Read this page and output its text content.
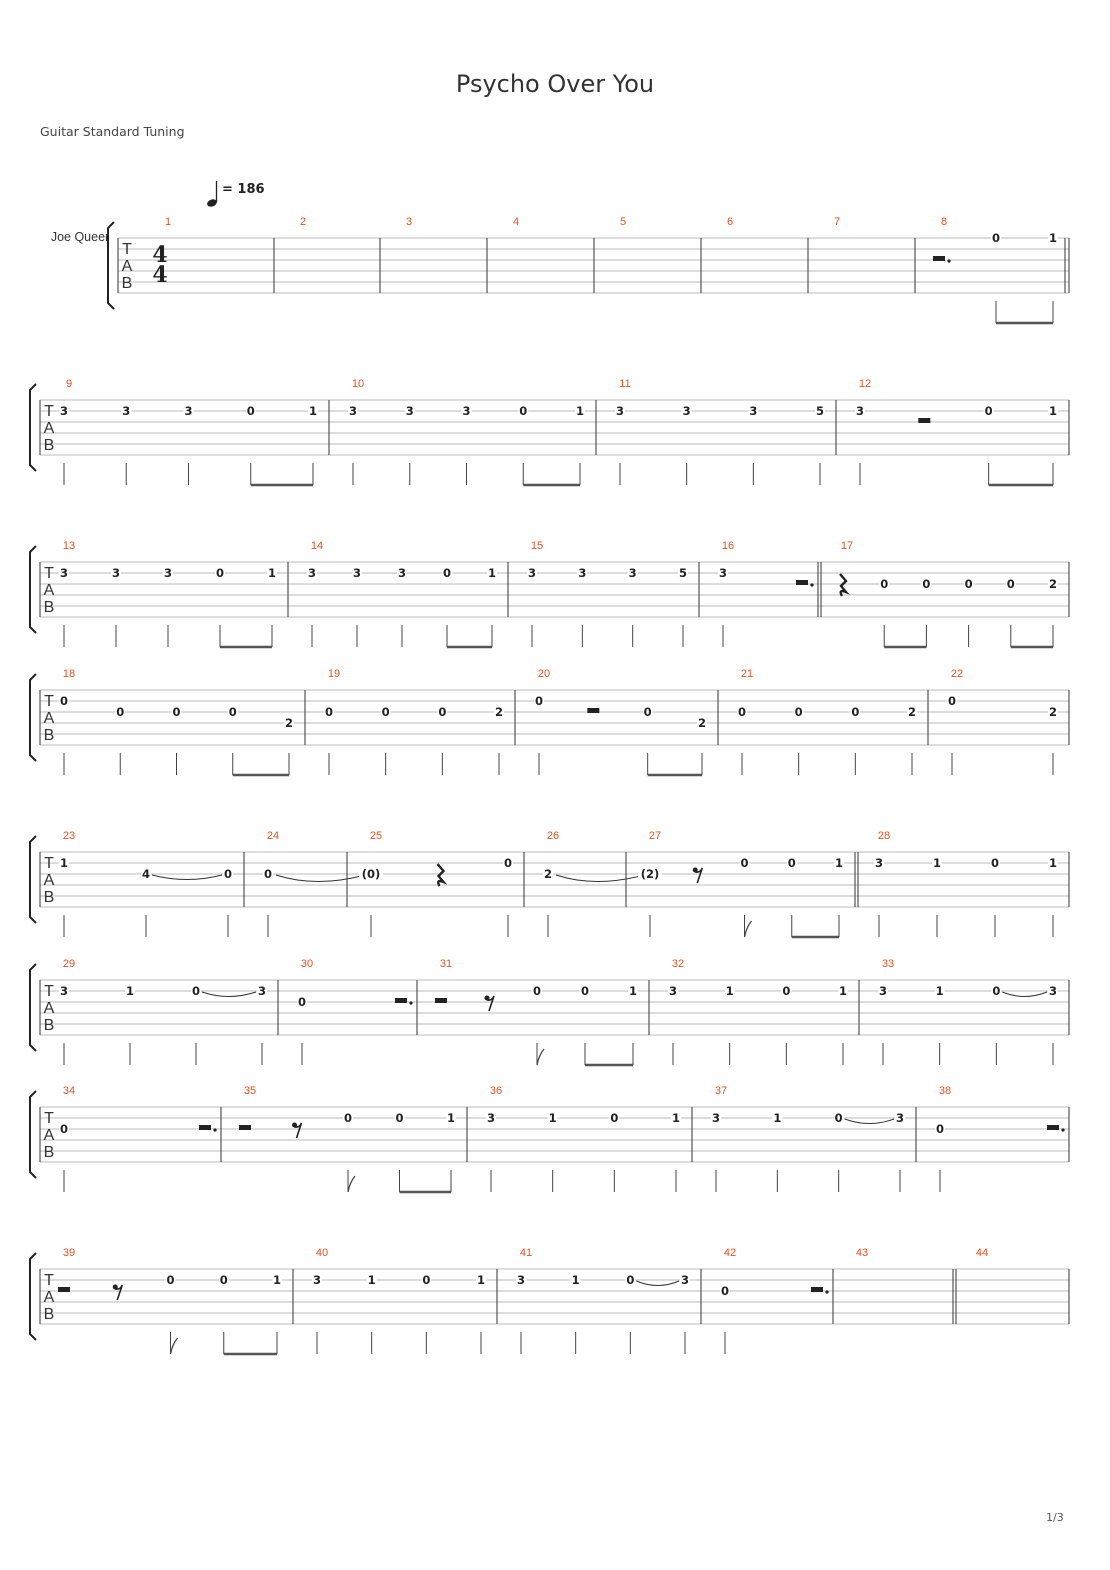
Psycho Over You
Guitar Standard Tuning
1/3
T
A
B
Joe Queer
4
4
= 186
1	2	3	4	5	6	7	8
0	1
T
A
B
9
3	3	3	0	1
10
3	3	3	0	1
11
3	3	3	5
12
3	0	1
T
A
B
13
3	3	3	0	1
14
3	3	3	0	1
15
3	3	3	5
16
3
17
0	0	0	0	2
T
A
B
18
0
0	0	0
2
19
0	0	0	2
20
0
0
2
21
0	0	0	2
22
0
2
T
A
B
23
1
4	0
24
0
25
(0)
0
26
2
27
(2)
0	0	1
28
3	1	0	1
T
A
B
29
3	1	0	3
30
0
31
0	0	1
32
3	1	0	1
33
3	1	0	3
T
A
B
34
0
35
0	0	1
36
3	1	0	1
37
3	1	0	3
38
0
T
A
B
39
0	0	1
40
3	1	0	1
41
3	1	0	3
42
0
43	44
